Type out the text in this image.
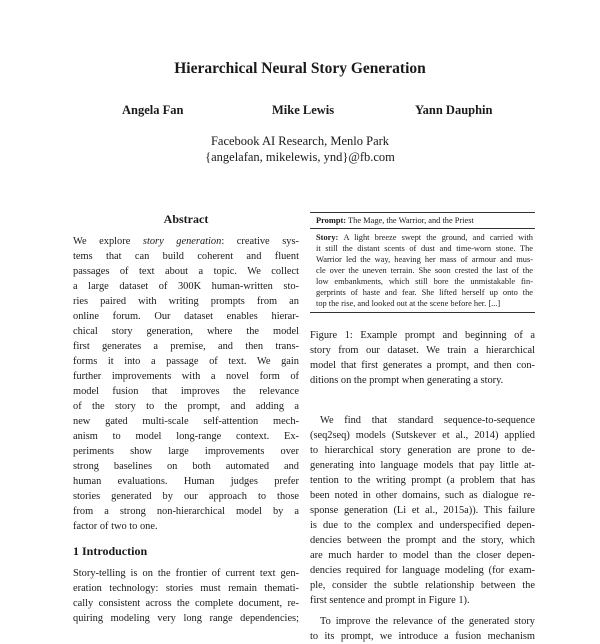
Hierarchical Neural Story Generation
Angela Fan	Mike Lewis	Yann Dauphin
Facebook AI Research, Menlo Park
{angelafan, mikelewis, ynd}@fb.com
Abstract
We explore story generation: creative sys-
tems that can build coherent and fluent
passages of text about a topic. We collect
a large dataset of 300K human-written sto-
ries paired with writing prompts from an
online forum. Our dataset enables hierar-
chical story generation, where the model
first generates a premise, and then trans-
forms it into a passage of text. We gain
further improvements with a novel form of
model fusion that improves the relevance
of the story to the prompt, and adding a
new gated multi-scale self-attention mech-
anism to model long-range context. Ex-
periments show large improvements over
strong baselines on both automated and
human evaluations. Human judges prefer
stories generated by our approach to those
from a strong non-hierarchical model by a
factor of two to one.
1 Introduction
Story-telling is on the frontier of current text gen-
eration technology: stories must remain themati-
cally consistent across the complete document, re-
quiring modeling very long range dependencies;
Prompt: The Mage, the Warrior, and the Priest
Story: A light breeze swept the ground, and carried with
it still the distant scents of dust and time-worn stone. The
Warrior led the way, heaving her mass of armour and mus-
cle over the uneven terrain. She soon crested the last of the
low embankments, which still bore the unmistakable fin-
gerprints of haste and fear. She lifted herself up onto the
top the rise, and looked out at the scene before her. [...]
Figure 1: Example prompt and beginning of a
story from our dataset. We train a hierarchical
model that first generates a prompt, and then con-
ditions on the prompt when generating a story.
We find that standard sequence-to-sequence
(seq2seq) models (Sutskever et al., 2014) applied
to hierarchical story generation are prone to de-
generating into language models that pay little at-
tention to the writing prompt (a problem that has
been noted in other domains, such as dialogue re-
sponse generation (Li et al., 2015a)). This failure
is due to the complex and underspecified depen-
dencies between the prompt and the story, which
are much harder to model than the closer depen-
dencies required for language modeling (for exam-
ple, consider the subtle relationship between the
first sentence and prompt in Figure 1).
To improve the relevance of the generated story
to its prompt, we introduce a fusion mechanism
